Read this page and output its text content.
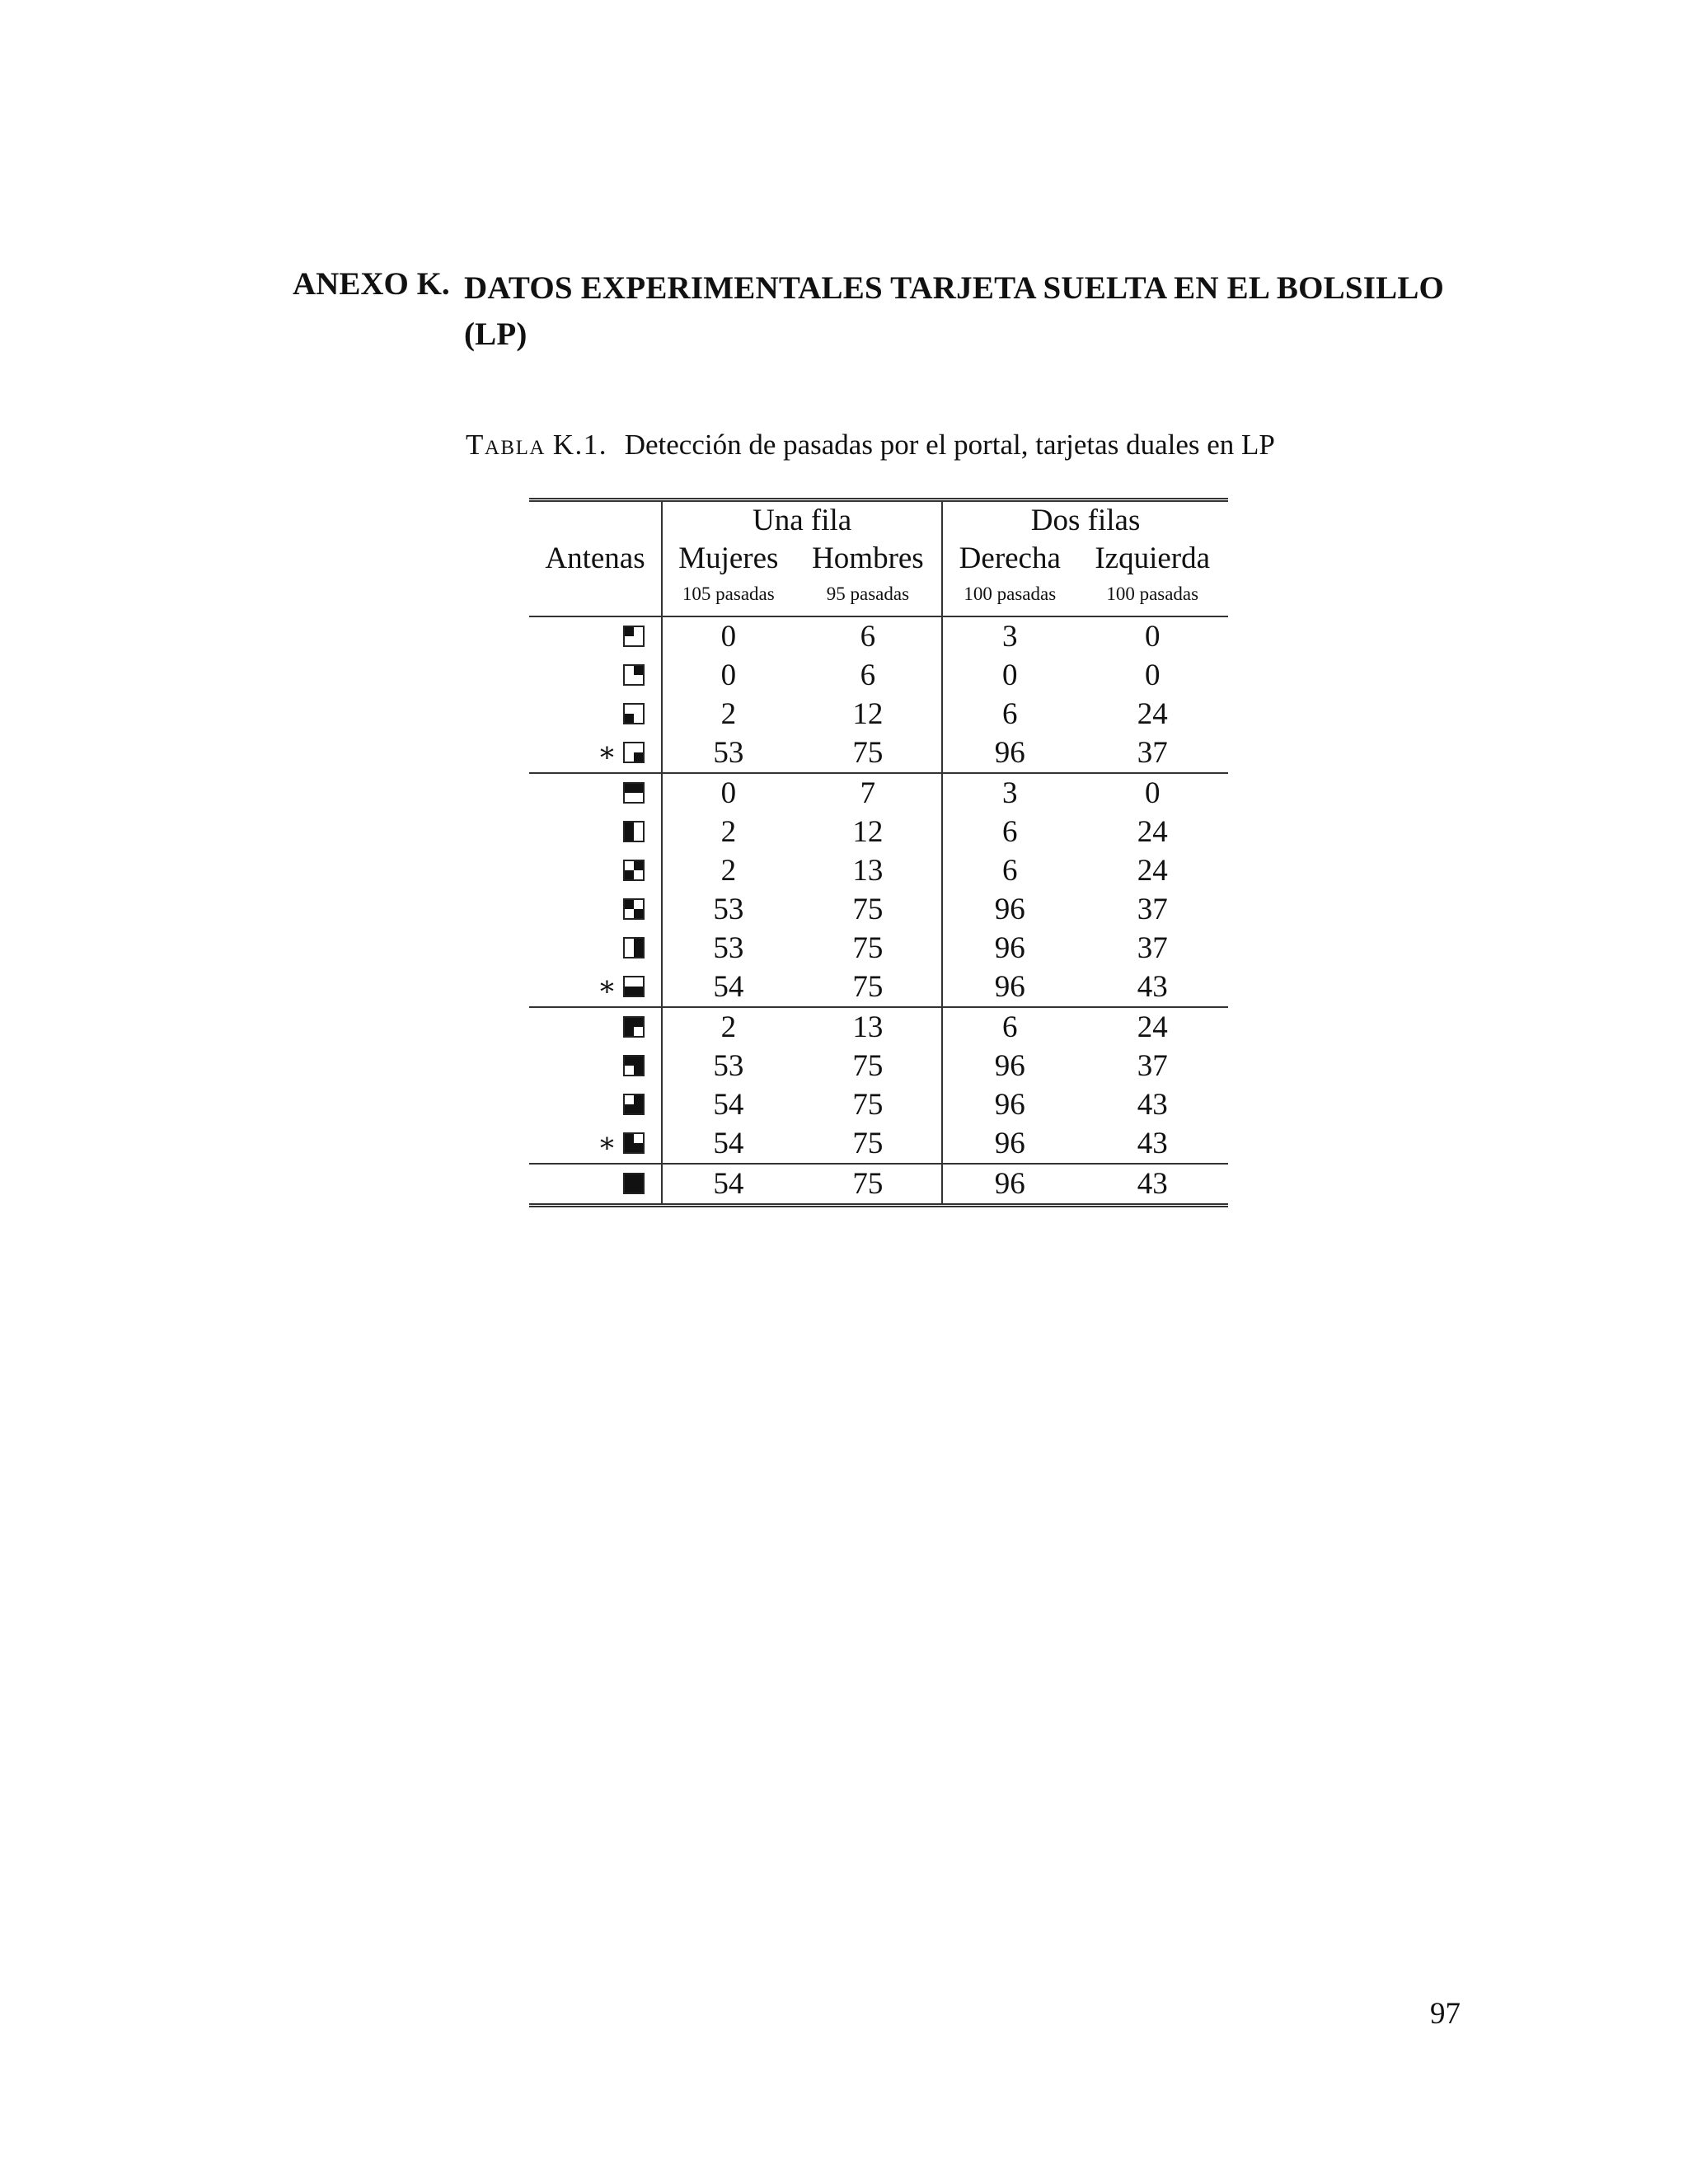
ANEXO K. DATOS EXPERIMENTALES TARJETA SUELTA EN EL BOLSILLO (LP)
Tabla K.1. Detección de pasadas por el portal, tarjetas duales en LP
	Una fila		Dos filas	
Antenas	Mujeres	Hombres	Derecha	Izquierda
	105 pasadas	95 pasadas	100 pasadas	100 pasadas

	0	6	3	0

	0	6	0	0

	2	12	6	24
∗	53	75	96	37

	0	7	3	0

	2	12	6	24

	2	13	6	24

	53	75	96	37

	53	75	96	37
∗	54	75	96	43

	2	13	6	24

	53	75	96	37

	54	75	96	43
∗	54	75	96	43

	54	75	96	43
97
